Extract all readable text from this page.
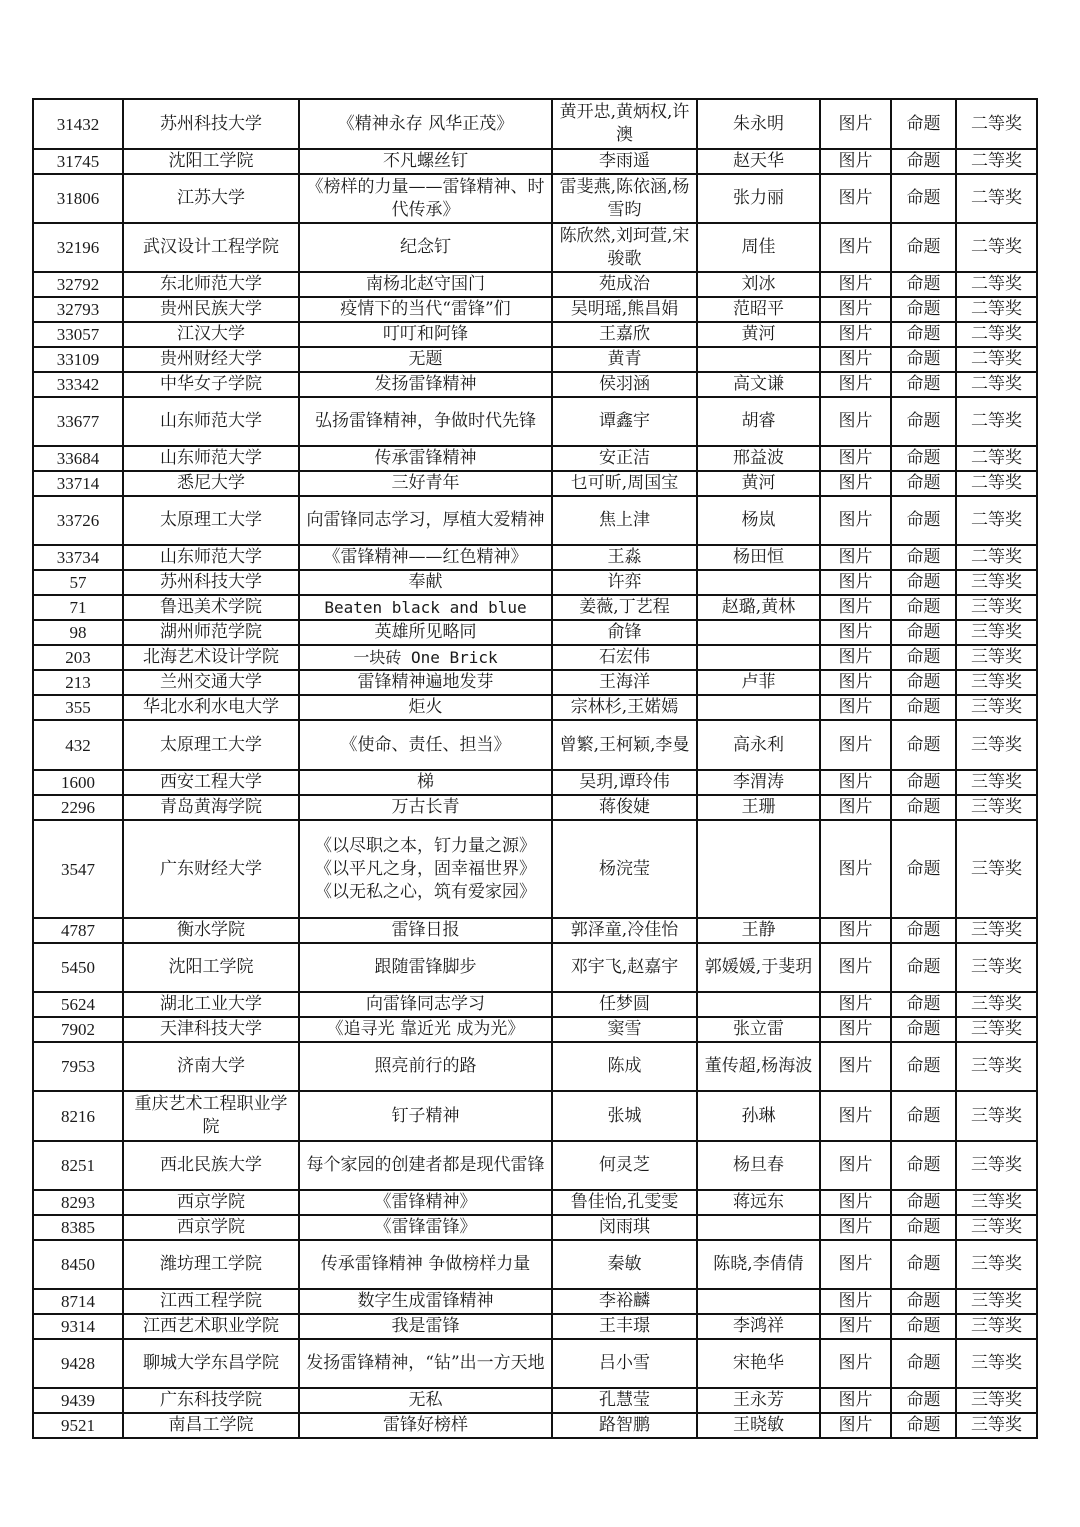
31432	苏州科技大学	《精神永存 风华正茂》	黄开忠,黄炳权,许澳	朱永明	图片	命题	二等奖
31745	沈阳工学院	不凡螺丝钉	李雨遥	赵天华	图片	命题	二等奖
31806	江苏大学	《榜样的力量——雷锋精神、时代传承》	雷斐燕,陈依涵,杨雪昀	张力丽	图片	命题	二等奖
32196	武汉设计工程学院	纪念钉	陈欣然,刘珂萱,宋骏歌	周佳	图片	命题	二等奖
32792	东北师范大学	南杨北赵守国门	苑成治	刘冰	图片	命题	二等奖
32793	贵州民族大学	疫情下的当代“雷锋”们	吴明瑶,熊昌娟	范昭平	图片	命题	二等奖
33057	江汉大学	叮叮和阿锋	王嘉欣	黄河	图片	命题	二等奖
33109	贵州财经大学	无题	黄青		图片	命题	二等奖
33342	中华女子学院	发扬雷锋精神	侯羽涵	高文谦	图片	命题	二等奖
33677	山东师范大学	弘扬雷锋精神，争做时代先锋	谭鑫宇	胡睿	图片	命题	二等奖
33684	山东师范大学	传承雷锋精神	安正洁	邢益波	图片	命题	二等奖
33714	悉尼大学	三好青年	乜可昕,周国宝	黄河	图片	命题	二等奖
33726	太原理工大学	向雷锋同志学习，厚植大爱精神	焦上津	杨岚	图片	命题	二等奖
33734	山东师范大学	《雷锋精神——红色精神》	王淼	杨田恒	图片	命题	二等奖
57	苏州科技大学	奉献	许弈		图片	命题	三等奖
71	鲁迅美术学院	Beaten black and blue	姜薇,丁艺程	赵璐,黄林	图片	命题	三等奖
98	湖州师范学院	英雄所见略同	俞锋		图片	命题	三等奖
203	北海艺术设计学院	一块砖 One Brick	石宏伟		图片	命题	三等奖
213	兰州交通大学	雷锋精神遍地发芽	王海洋	卢菲	图片	命题	三等奖
355	华北水利水电大学	炬火	宗林杉,王婼嫣		图片	命题	三等奖
432	太原理工大学	《使命、责任、担当》	曾繁,王柯颖,李曼	高永利	图片	命题	三等奖
1600	西安工程大学	梯	吴玥,谭玲伟	李渭涛	图片	命题	三等奖
2296	青岛黄海学院	万古长青	蒋俊婕	王珊	图片	命题	三等奖
3547	广东财经大学	《以尽职之本，钉力量之源》《以平凡之身，固幸福世界》《以无私之心，筑有爱家园》	杨浣莹		图片	命题	三等奖
4787	衡水学院	雷锋日报	郭泽童,冷佳怡	王静	图片	命题	三等奖
5450	沈阳工学院	跟随雷锋脚步	邓宇飞,赵嘉宇	郭媛媛,于斐玥	图片	命题	三等奖
5624	湖北工业大学	向雷锋同志学习	任梦圆		图片	命题	三等奖
7902	天津科技大学	《追寻光 靠近光 成为光》	窦雪	张立雷	图片	命题	三等奖
7953	济南大学	照亮前行的路	陈成	董传超,杨海波	图片	命题	三等奖
8216	重庆艺术工程职业学院	钉子精神	张城	孙琳	图片	命题	三等奖
8251	西北民族大学	每个家园的创建者都是现代雷锋	何灵芝	杨旦春	图片	命题	三等奖
8293	西京学院	《雷锋精神》	鲁佳怡,孔雯雯	蒋远东	图片	命题	三等奖
8385	西京学院	《雷锋雷锋》	闵雨琪		图片	命题	三等奖
8450	潍坊理工学院	传承雷锋精神 争做榜样力量	秦敏	陈晓,李倩倩	图片	命题	三等奖
8714	江西工程学院	数字生成雷锋精神	李裕麟		图片	命题	三等奖
9314	江西艺术职业学院	我是雷锋	王丰璟	李鸿祥	图片	命题	三等奖
9428	聊城大学东昌学院	发扬雷锋精神，“钻”出一方天地	吕小雪	宋艳华	图片	命题	三等奖
9439	广东科技学院	无私	孔慧莹	王永芳	图片	命题	三等奖
9521	南昌工学院	雷锋好榜样	路智鹏	王晓敏	图片	命题	三等奖
